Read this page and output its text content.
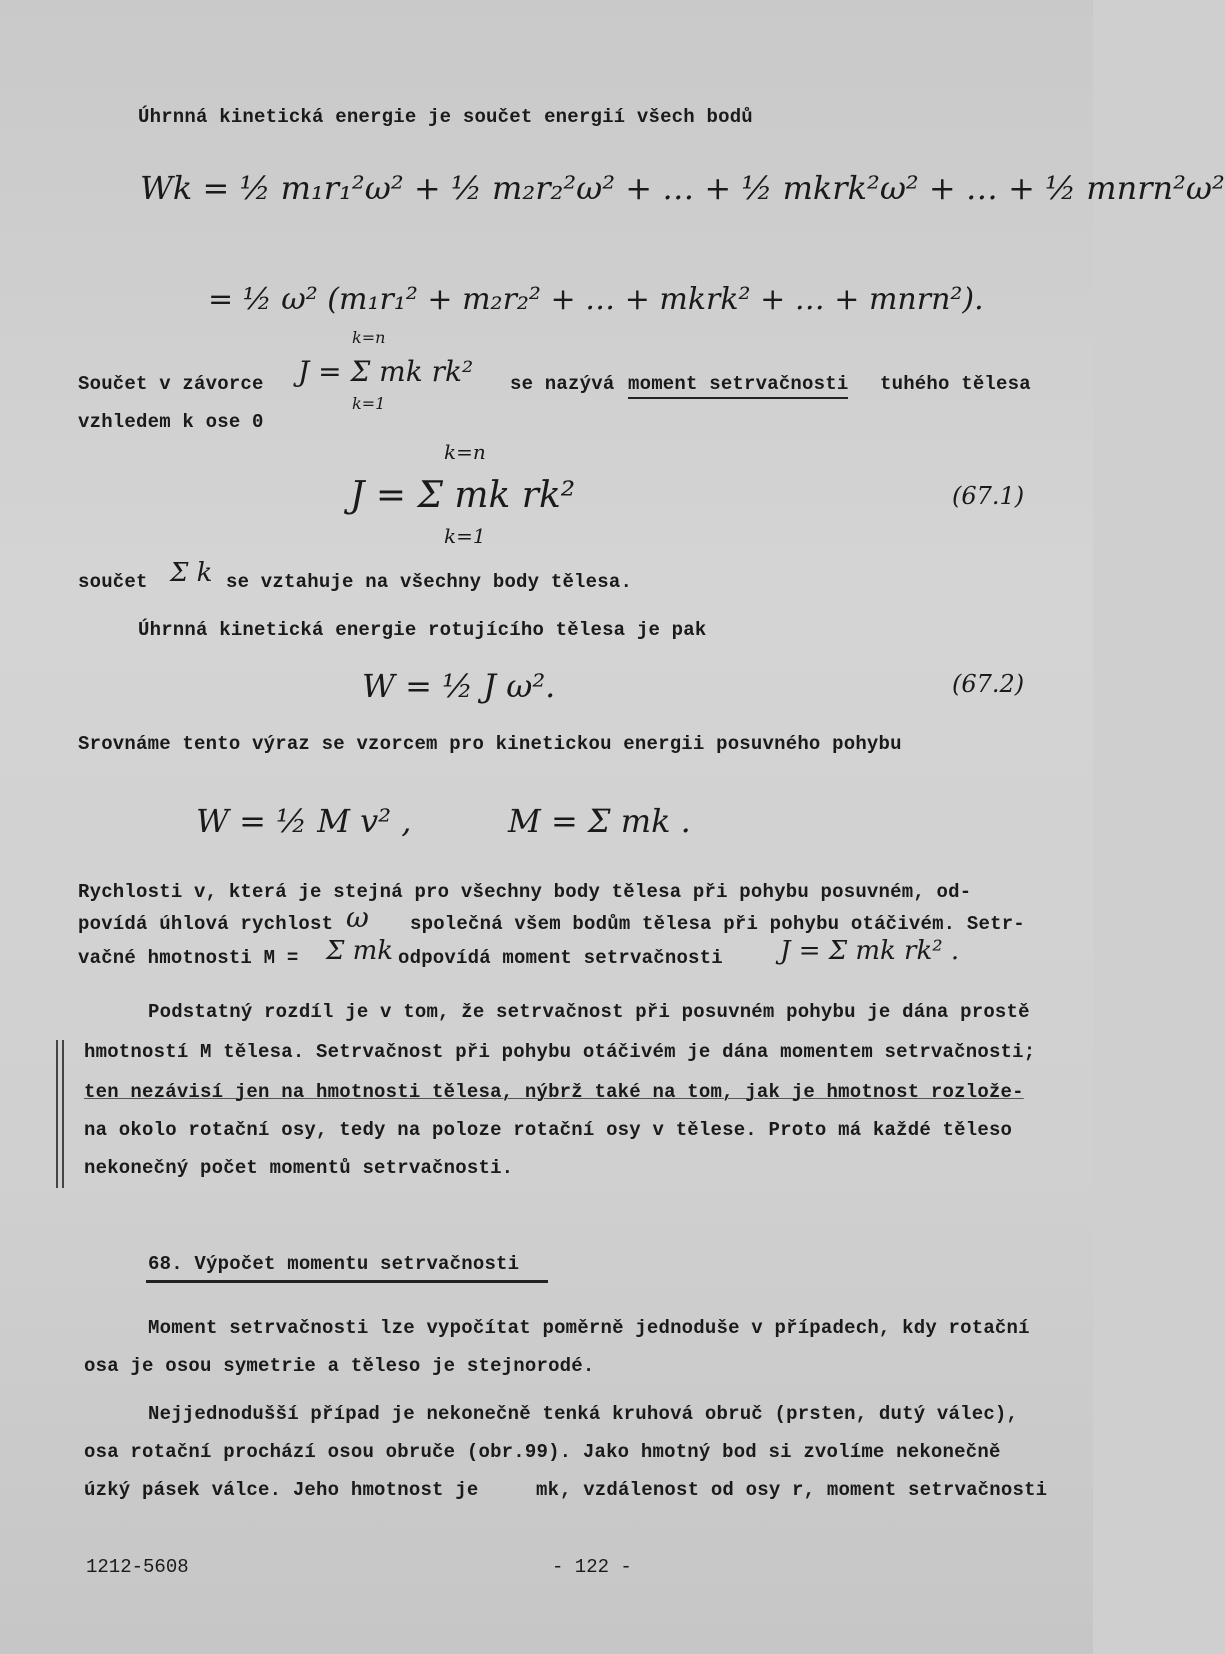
Úhrnná kinetická energie je součet energií všech bodů
Wk = ½ m₁r₁²ω² + ½ m₂r₂²ω² + … + ½ mkrk²ω² + … + ½ mnrn²ω²
= ½ ω² (m₁r₁² + m₂r₂² + … + mkrk² + … + mnrn²).
Součet v závorce
k=n
J = Σ mk rk²
k=1
se nazývá moment setrvačnosti tuhého tělesa
vzhledem k ose 0
k=n
J = Σ mk rk²
k=1
(67.1)
součet Σ k se vztahuje na všechny body tělesa.
Úhrnná kinetická energie rotujícího tělesa je pak
W = ½ J ω².	(67.2)
Srovnáme tento výraz se vzorcem pro kinetickou energii posuvného pohybu
W = ½ M v² ,	M = Σ mk .
Rychlosti v, která je stejná pro všechny body tělesa při pohybu posuvném, od-
povídá úhlová rychlost ω společná všem bodům tělesa při pohybu otáčivém. Setr-
vačné hmotnosti M = Σ mk odpovídá moment setrvačnosti J = Σ mk rk² .
Podstatný rozdíl je v tom, že setrvačnost při posuvném pohybu je dána prostě
hmotností M tělesa. Setrvačnost při pohybu otáčivém je dána momentem setrvačnosti;
ten nezávisí jen na hmotnosti tělesa, nýbrž také na tom, jak je hmotnost rozlože-
na okolo rotační osy, tedy na poloze rotační osy v tělese. Proto má každé těleso
nekonečný počet momentů setrvačnosti.
68. Výpočet momentu setrvačnosti
Moment setrvačnosti lze vypočítat poměrně jednoduše v případech, kdy rotační
osa je osou symetrie a těleso je stejnorodé.
Nejjednodušší případ je nekonečně tenká kruhová obruč (prsten, dutý válec),
osa rotační prochází osou obruče (obr.99). Jako hmotný bod si zvolíme nekonečně
úzký pásek válce. Jeho hmotnost je	mk , vzdálenost od osy r, moment setrvačnosti
1212-5608	- 122 -
